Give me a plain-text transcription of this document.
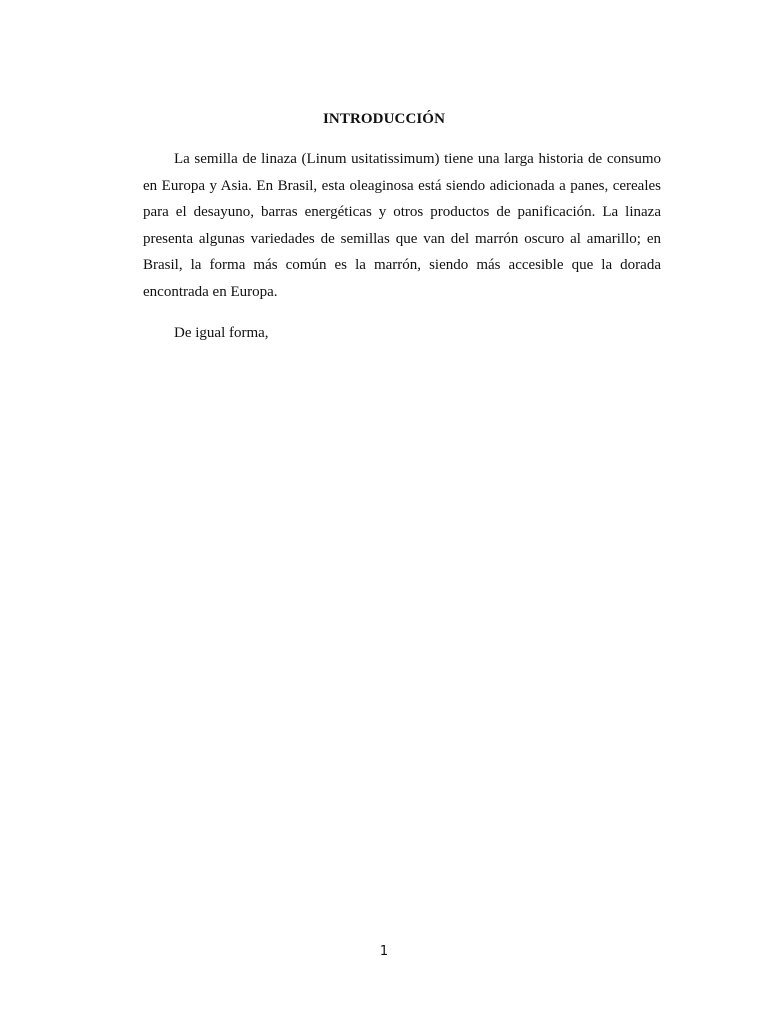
INTRODUCCIÓN

La semilla de linaza (Linum usitatissimum) tiene una larga historia de consumo
en Europa y Asia. En Brasil, esta oleaginosa está siendo adicionada a panes, cereales
para el desayuno, barras energéticas y otros productos de panificación. La linaza
presenta algunas variedades de semillas que van del marrón oscuro al amarillo; en
Brasil, la forma más común es la marrón, siendo más accesible que la dorada
encontrada en Europa.

De igual forma,

1
